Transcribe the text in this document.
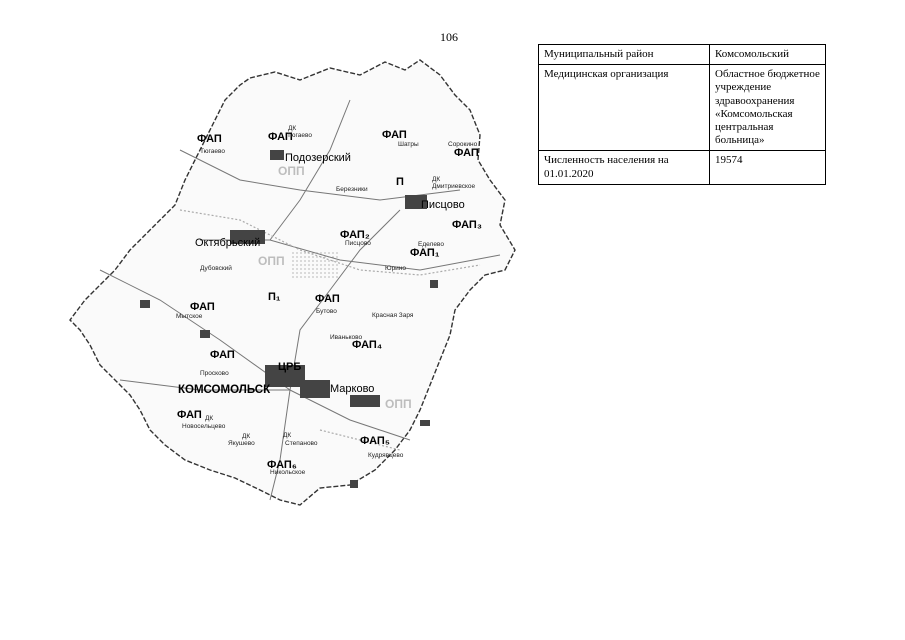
106
Муниципальный район	Комсомольский
Медицинская организация	Областное бюджетное учреждение здравоохранения «Комсомольская центральная больница»
Численность населения на 01.01.2020	19574
ФАП	ФАП	ФАП
ФАП
П
ФАП₃
ФАП₂
ФАП₁
ФАП
ФАП
ФАП
ФАП₄
ФАП
ФАП₅
ФАП₆
П₁
ЦРБ
ОПП
ОПП
ОПП
КОМСОМОЛЬСК
Подозерский
Октябрьский
Писцово
Марково
Красная Заря
Тюгаево
Тюгаево
Дубовский
Мытское
Просково
Бутово
Иваньково
Шатры	Сорокино
Березники	Дмитриевское
Писцово	Еделево
Юрино
Новосельцево
Якушево	Степаново
Никольское
Кудрявцево
ДК
ДК
ДК
ДК	ДК
